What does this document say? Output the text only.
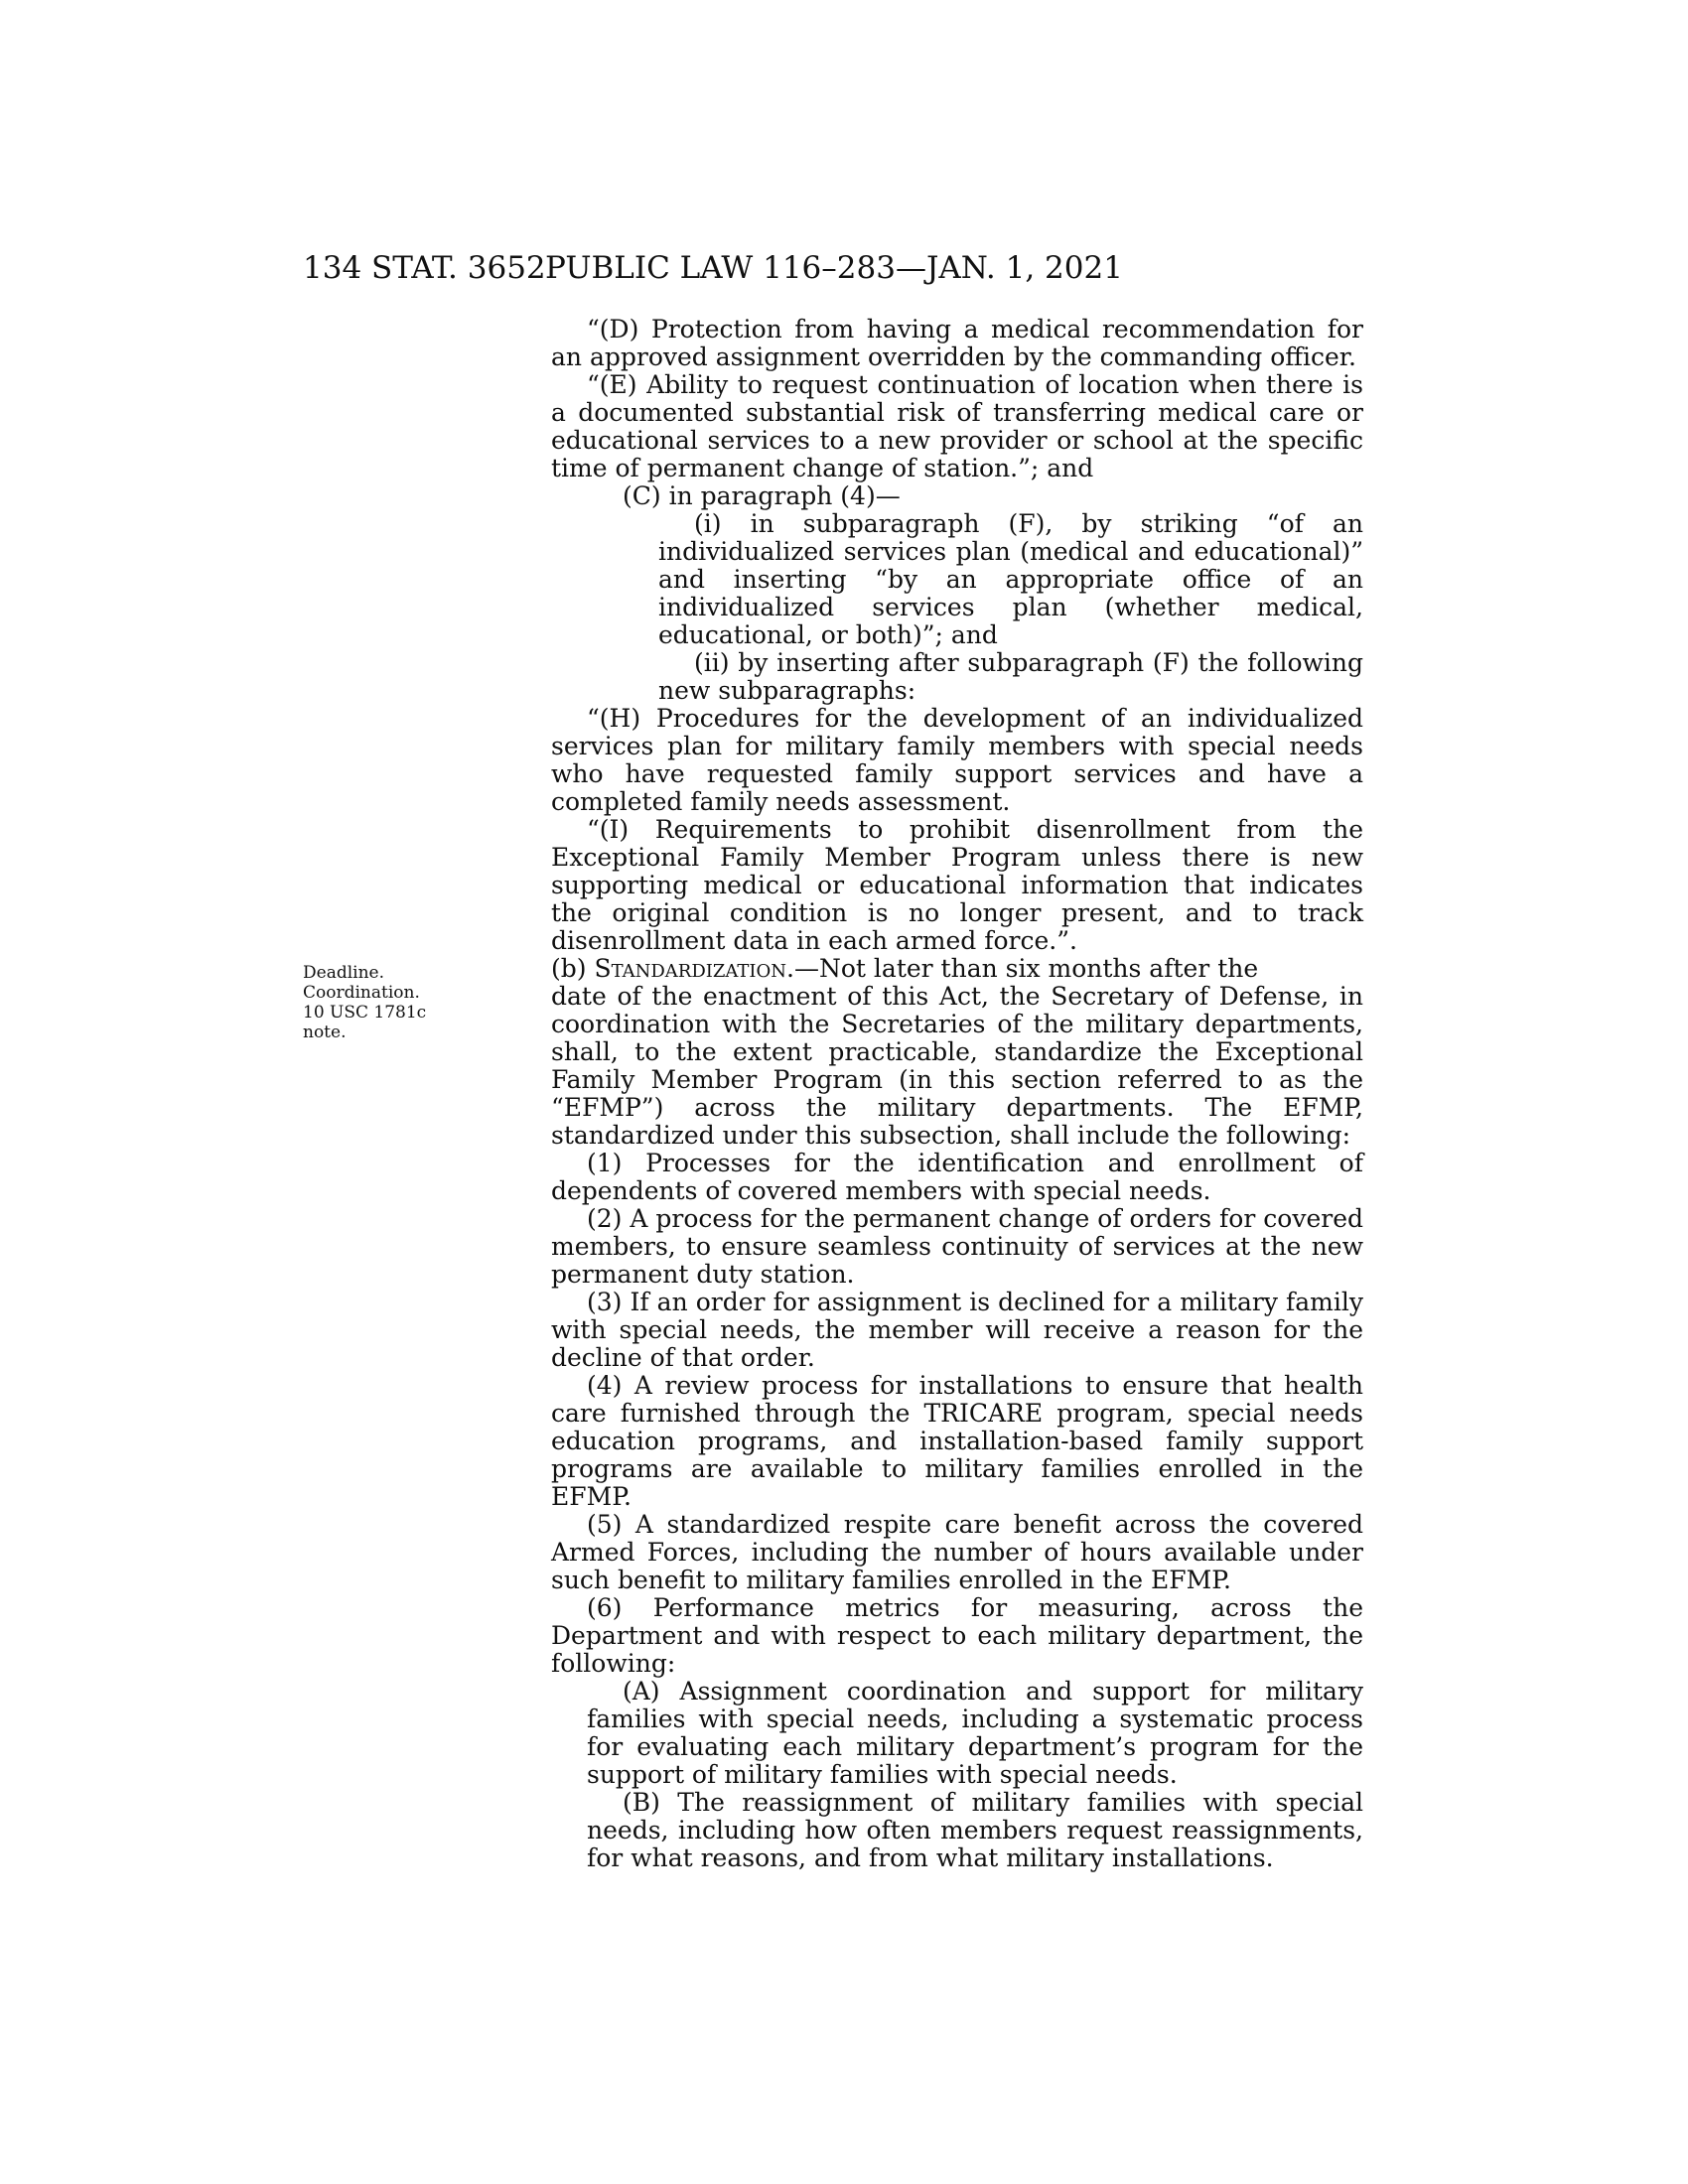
134 STAT. 3652 PUBLIC LAW 116–283—JAN. 1, 2021
Deadline.
Coordination.
10 USC 1781c
note.

“(D) Protection from having a medical recommendation for an approved assignment overridden by the commanding officer.

“(E) Ability to request continuation of location when there is a documented substantial risk of transferring medical care or educational services to a new provider or school at the specific time of permanent change of station.”; and

(C) in paragraph (4)—

(i) in subparagraph (F), by striking “of an individualized services plan (medical and educational)” and inserting “by an appropriate office of an individualized services plan (whether medical, educational, or both)”; and

(ii) by inserting after subparagraph (F) the following new subparagraphs:

“(H) Procedures for the development of an individualized services plan for military family members with special needs who have requested family support services and have a completed family needs assessment.

“(I) Requirements to prohibit disenrollment from the Exceptional Family Member Program unless there is new supporting medical or educational information that indicates the original condition is no longer present, and to track disenrollment data in each armed force.”.

(b) Standardization.—Not later than six months after the

date of the enactment of this Act, the Secretary of Defense, in coordination with the Secretaries of the military departments, shall, to the extent practicable, standardize the Exceptional Family Member Program (in this section referred to as the “EFMP”) across the military departments. The EFMP, standardized under this subsection, shall include the following:

(1) Processes for the identification and enrollment of dependents of covered members with special needs.

(2) A process for the permanent change of orders for covered members, to ensure seamless continuity of services at the new permanent duty station.

(3) If an order for assignment is declined for a military family with special needs, the member will receive a reason for the decline of that order.

(4) A review process for installations to ensure that health care furnished through the TRICARE program, special needs education programs, and installation-based family support programs are available to military families enrolled in the EFMP.

(5) A standardized respite care benefit across the covered Armed Forces, including the number of hours available under such benefit to military families enrolled in the EFMP.

(6) Performance metrics for measuring, across the Department and with respect to each military department, the following:

(A) Assignment coordination and support for military families with special needs, including a systematic process for evaluating each military department’s program for the support of military families with special needs.

(B) The reassignment of military families with special needs, including how often members request reassignments, for what reasons, and from what military installations.
